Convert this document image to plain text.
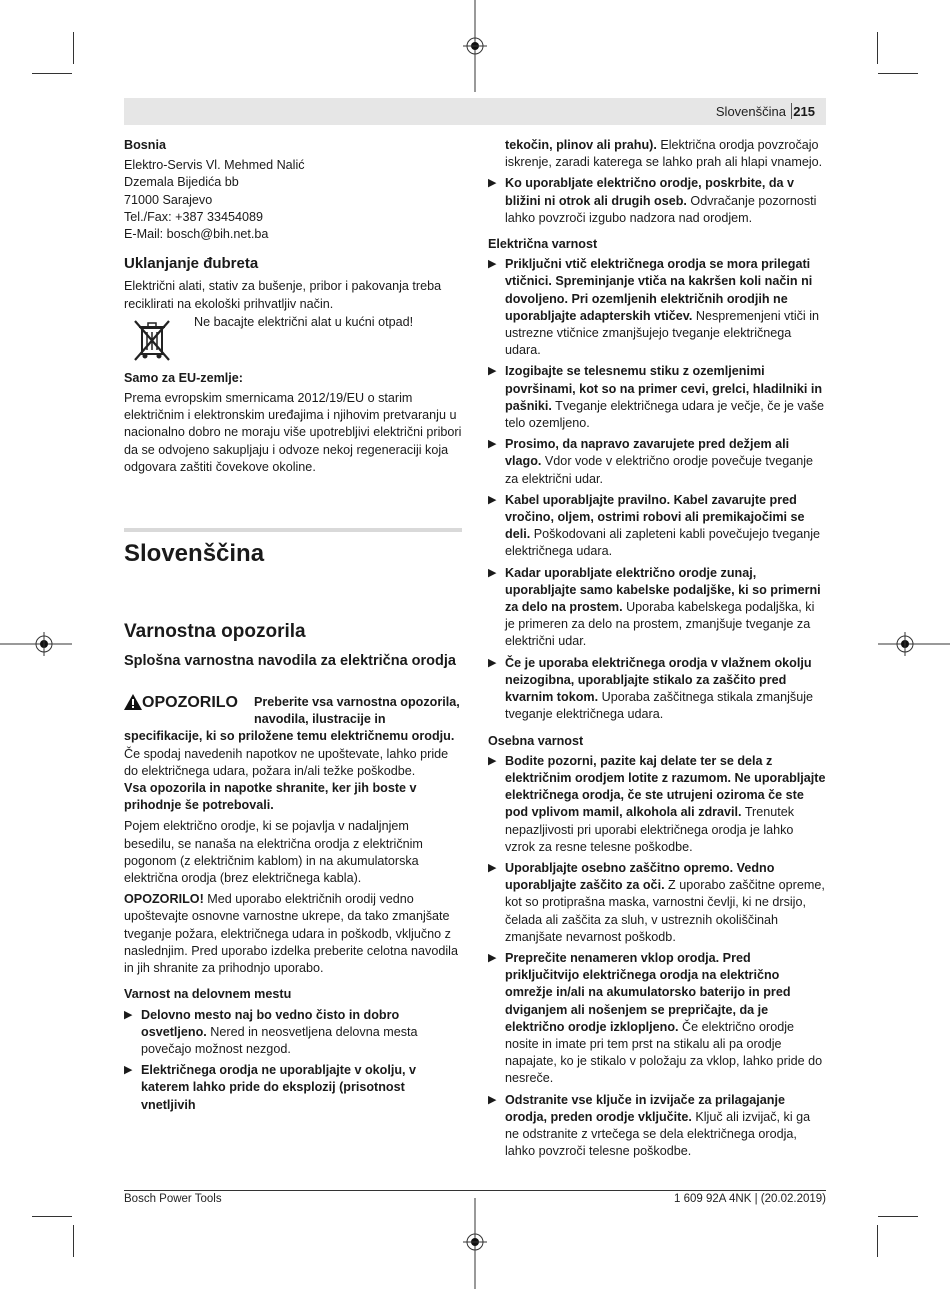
Slovenščina 215

Bosnia

Elektro-Servis Vl. Mehmed Nalić

Dzemala Bijedića bb

71000 Sarajevo

Tel./Fax: +387 33454089

E-Mail: bosch@bih.net.ba

Uklanjanje đubreta

Električni alati, stativ za bušenje, pribor i pakovanja treba reciklirati na ekološki prihvatljiv način.

Ne bacajte električni alat u kućni otpad!

Samo za EU-zemlje:

Prema evropskim smernicama 2012/19/EU o starim električnim i elektronskim uređajima i njihovim pretvaranju u nacionalno dobro ne moraju više upotrebljivi električni pribori da se odvojeno sakupljaju i odvoze nekoj regeneraciji koja odgovara zaštiti čovekove okoline.

Slovenščina
Varnostna opozorila
Splošna varnostna navodila za električna orodja
OPOZORILO	Preberite vsa varnostna opozorila, navodila, ilustracije in specifikacije, ki so priložene temu električnemu orodju.

Če spodaj navedenih napotkov ne upoštevate, lahko pride do električnega udara, požara in/ali težke poškodbe.

Vsa opozorila in napotke shranite, ker jih boste v prihodnje še potrebovali.

Pojem električno orodje, ki se pojavlja v nadaljnjem besedilu, se nanaša na električna orodja z električnim pogonom (z električnim kablom) in na akumulatorska električna orodja (brez električnega kabla).

OPOZORILO! Med uporabo električnih orodij vedno upoštevajte osnovne varnostne ukrepe, da tako zmanjšate tveganje požara, električnega udara in poškodb, vključno z naslednjim. Pred uporabo izdelka preberite celotna navodila in jih shranite za prihodnjo uporabo.

Varnost na delovnem mestu

▶ Delovno mesto naj bo vedno čisto in dobro osvetljeno. Nered in neosvetljena delovna mesta povečajo možnost nezgod.
▶ Električnega orodja ne uporabljajte v okolju, v katerem lahko pride do eksplozij (prisotnost vnetljivih
tekočin, plinov ali prahu). Električna orodja povzročajo iskrenje, zaradi katerega se lahko prah ali hlapi vnamejo.
▶ Ko uporabljate električno orodje, poskrbite, da v bližini ni otrok ali drugih oseb. Odvračanje pozornosti lahko povzroči izgubo nadzora nad orodjem.

Električna varnost

▶ Priključni vtič električnega orodja se mora prilegati vtičnici. Spreminjanje vtiča na kakršen koli način ni dovoljeno. Pri ozemljenih električnih orodjih ne uporabljajte adapterskih vtičev. Nespremenjeni vtiči in ustrezne vtičnice zmanjšujejo tveganje električnega udara.
▶ Izogibajte se telesnemu stiku z ozemljenimi površinami, kot so na primer cevi, grelci, hladilniki in pašniki. Tveganje električnega udara je večje, če je vaše telo ozemljeno.
▶ Prosimo, da napravo zavarujete pred dežjem ali vlago. Vdor vode v električno orodje povečuje tveganje za električni udar.
▶ Kabel uporabljajte pravilno. Kabel zavarujte pred vročino, oljem, ostrimi robovi ali premikajočimi se deli. Poškodovani ali zapleteni kabli povečujejo tveganje električnega udara.
▶ Kadar uporabljate električno orodje zunaj, uporabljajte samo kabelske podaljške, ki so primerni za delo na prostem. Uporaba kabelskega podaljška, ki je primeren za delo na prostem, zmanjšuje tveganje za električni udar.
▶ Če je uporaba električnega orodja v vlažnem okolju neizogibna, uporabljajte stikalo za zaščito pred kvarnim tokom. Uporaba zaščitnega stikala zmanjšuje tveganje električnega udara.

Osebna varnost

▶ Bodite pozorni, pazite kaj delate ter se dela z električnim orodjem lotite z razumom. Ne uporabljajte električnega orodja, če ste utrujeni oziroma če ste pod vplivom mamil, alkohola ali zdravil. Trenutek nepazljivosti pri uporabi električnega orodja je lahko vzrok za resne telesne poškodbe.
▶ Uporabljajte osebno zaščitno opremo. Vedno uporabljajte zaščito za oči. Z uporabo zaščitne opreme, kot so protiprašna maska, varnostni čevlji, ki ne drsijo, čelada ali zaščita za sluh, v ustreznih okoliščinah zmanjšate nevarnost poškodb.
▶ Preprečite nenameren vklop orodja. Pred priključitvijo električnega orodja na električno omrežje in/ali na akumulatorsko baterijo in pred dviganjem ali nošenjem se prepričajte, da je električno orodje izklopljeno. Če električno orodje nosite in imate pri tem prst na stikalu ali pa orodje napajate, ko je stikalo v položaju za vklop, lahko pride do nesreče.
▶ Odstranite vse ključe in izvijače za prilagajanje orodja, preden orodje vključite. Ključ ali izvijač, ki ga ne odstranite z vrtečega se dela električnega orodja, lahko povzroči telesne poškodbe.
Bosch Power Tools	1 609 92A 4NK | (20.02.2019)
